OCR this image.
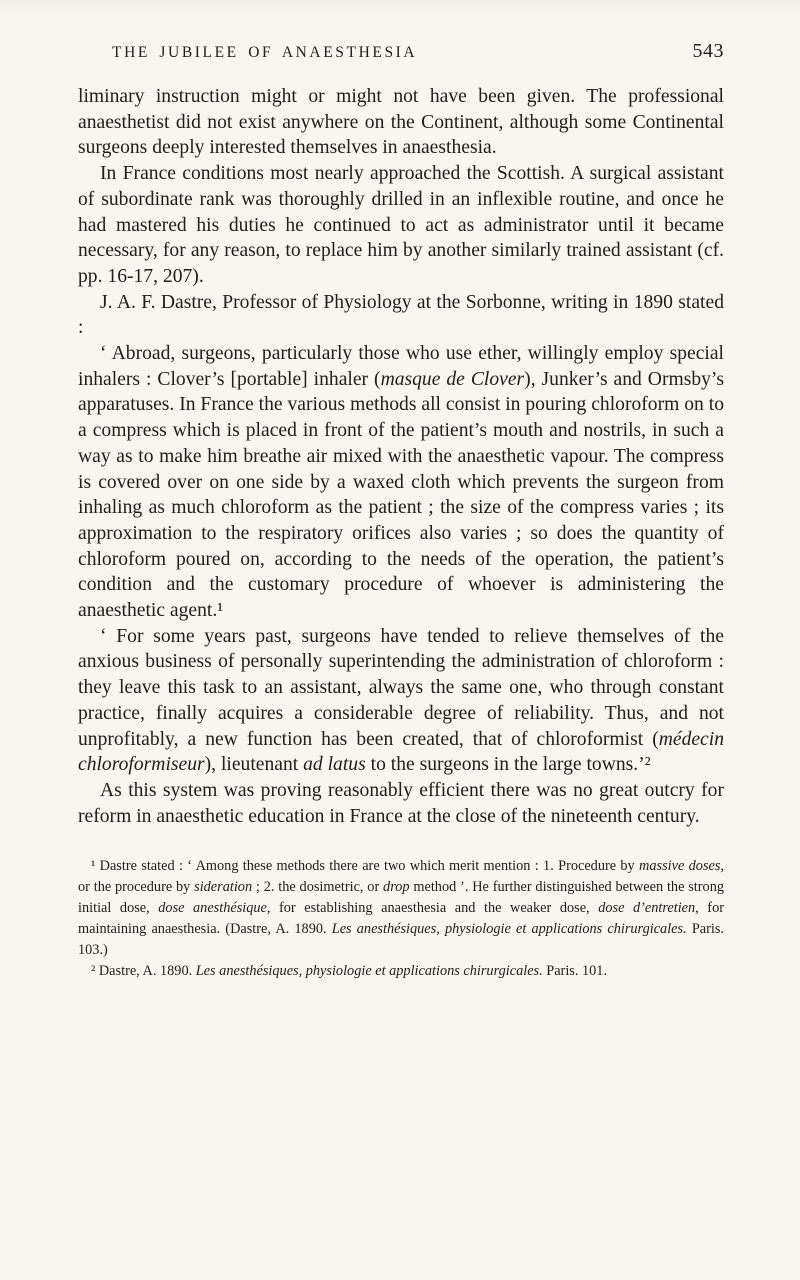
THE JUBILEE OF ANAESTHESIA	543

liminary instruction might or might not have been given. The professional anaesthetist did not exist anywhere on the Continent, although some Continental surgeons deeply interested themselves in anaesthesia.

In France conditions most nearly approached the Scottish. A surgical assistant of subordinate rank was thoroughly drilled in an inflexible routine, and once he had mastered his duties he continued to act as administrator until it became necessary, for any reason, to replace him by another similarly trained assistant (cf. pp. 16-17, 207).

J. A. F. Dastre, Professor of Physiology at the Sorbonne, writing in 1890 stated :

‘ Abroad, surgeons, particularly those who use ether, willingly employ special inhalers : Clover’s [portable] inhaler (masque de Clover), Junker’s and Ormsby’s apparatuses. In France the various methods all consist in pouring chloroform on to a compress which is placed in front of the patient’s mouth and nostrils, in such a way as to make him breathe air mixed with the anaesthetic vapour. The compress is covered over on one side by a waxed cloth which prevents the surgeon from inhaling as much chloroform as the patient ; the size of the compress varies ; its approximation to the respiratory orifices also varies ; so does the quantity of chloroform poured on, according to the needs of the operation, the patient’s condition and the customary procedure of whoever is administering the anaesthetic agent.¹

‘ For some years past, surgeons have tended to relieve themselves of the anxious business of personally superintending the administration of chloroform : they leave this task to an assistant, always the same one, who through constant practice, finally acquires a considerable degree of reliability. Thus, and not unprofitably, a new function has been created, that of chloroformist (médecin chloroformiseur), lieutenant ad latus to the surgeons in the large towns.’²

As this system was proving reasonably efficient there was no great outcry for reform in anaesthetic education in France at the close of the nineteenth century.

¹ Dastre stated : ‘ Among these methods there are two which merit mention : 1. Procedure by massive doses, or the procedure by sideration ; 2. the dosimetric, or drop method ’. He further distinguished between the strong initial dose, dose anesthésique, for establishing anaesthesia and the weaker dose, dose d’entretien, for maintaining anaesthesia. (Dastre, A. 1890. Les anesthésiques, physiologie et applications chirurgicales. Paris. 103.)

² Dastre, A. 1890. Les anesthésiques, physiologie et applications chirurgicales. Paris. 101.
